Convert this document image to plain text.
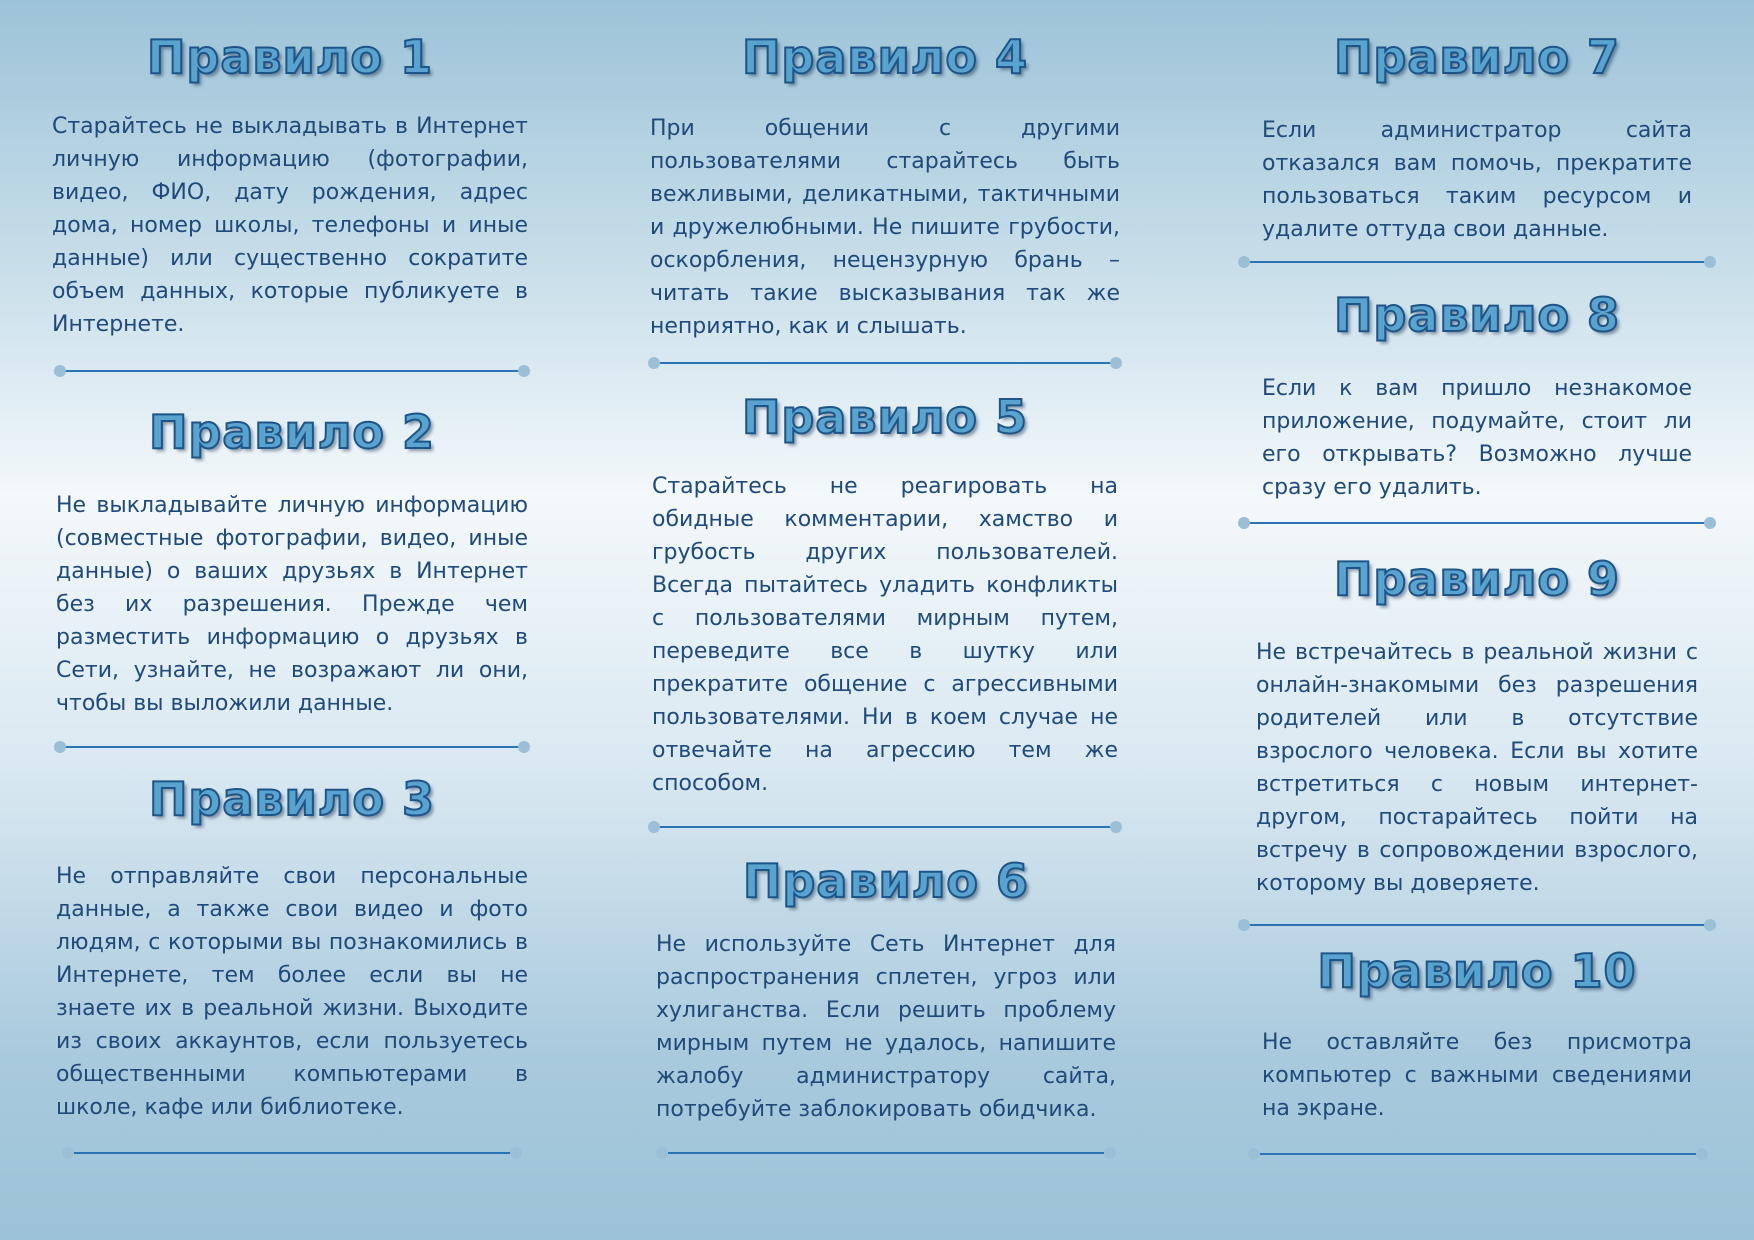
Правило 1

Старайтесь не выкладывать в Интернет личную информацию (фотографии, видео, ФИО, дату рождения, адрес дома, номер школы, телефоны и иные данные) или существенно сократите объем данных, которые публикуете в Интернете.

Правило 2

Не выкладывайте личную информацию (совместные фотографии, видео, иные данные) о ваших друзьях в Интернет без их разрешения. Прежде чем разместить информацию о друзьях в Сети, узнайте, не возражают ли они, чтобы вы выложили данные.

Правило 3

Не отправляйте свои персональные данные, а также свои видео и фото людям, с которыми вы познакомились в Интернете, тем более если вы не знаете их в реальной жизни. Выходите из своих аккаунтов, если пользуетесь общественными компьютерами в школе, кафе или библиотеке.

Правило 4

При общении с другими пользователями старайтесь быть вежливыми, деликатными, тактичными и дружелюбными. Не пишите грубости, оскорбления, нецензурную брань – читать такие высказывания так же неприятно, как и слышать.

Правило 5

Старайтесь не реагировать на обидные комментарии, хамство и грубость других пользователей. Всегда пытайтесь уладить конфликты с пользователями мирным путем, переведите все в шутку или прекратите общение с агрессивными пользователями. Ни в коем случае не отвечайте на агрессию тем же способом.

Правило 6

Не используйте Сеть Интернет для распространения сплетен, угроз или хулиганства. Если решить проблему мирным путем не удалось, напишите жалобу администратору сайта, потребуйте заблокировать обидчика.

Правило 7

Если администратор сайта отказался вам помочь, прекратите пользоваться таким ресурсом и удалите оттуда свои данные.

Правило 8

Если к вам пришло незнакомое приложение, подумайте, стоит ли его открывать? Возможно лучше сразу его удалить.

Правило 9

Не встречайтесь в реальной жизни с онлайн-знакомыми без разрешения родителей или в отсутствие взрослого человека. Если вы хотите встретиться с новым интернет-другом, постарайтесь пойти на встречу в сопровождении взрослого, которому вы доверяете.

Правило 10

Не оставляйте без присмотра компьютер с важными сведениями на экране.
